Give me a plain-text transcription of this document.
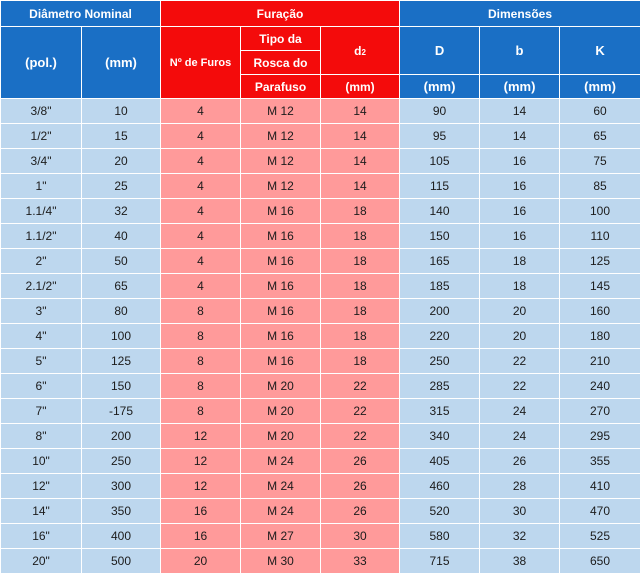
Diâmetro Nominal		Furação			Dimensões		
(pol.)	(mm)	Nº de Furos	Tipo da	d2	D	b	K
			Rosca do				
			Parafuso	(mm)	(mm)	(mm)	(mm)
3/8"	10	4	M 12	14	90	14	60
1/2"	15	4	M 12	14	95	14	65
3/4"	20	4	M 12	14	105	16	75
1"	25	4	M 12	14	115	16	85
1.1/4"	32	4	M 16	18	140	16	100
1.1/2"	40	4	M 16	18	150	16	110
2"	50	4	M 16	18	165	18	125
2.1/2"	65	4	M 16	18	185	18	145
3"	80	8	M 16	18	200	20	160
4"	100	8	M 16	18	220	20	180
5"	125	8	M 16	18	250	22	210
6"	150	8	M 20	22	285	22	240
7"	-175	8	M 20	22	315	24	270
8"	200	12	M 20	22	340	24	295
10"	250	12	M 24	26	405	26	355
12"	300	12	M 24	26	460	28	410
14"	350	16	M 24	26	520	30	470
16"	400	16	M 27	30	580	32	525
20"	500	20	M 30	33	715	38	650
